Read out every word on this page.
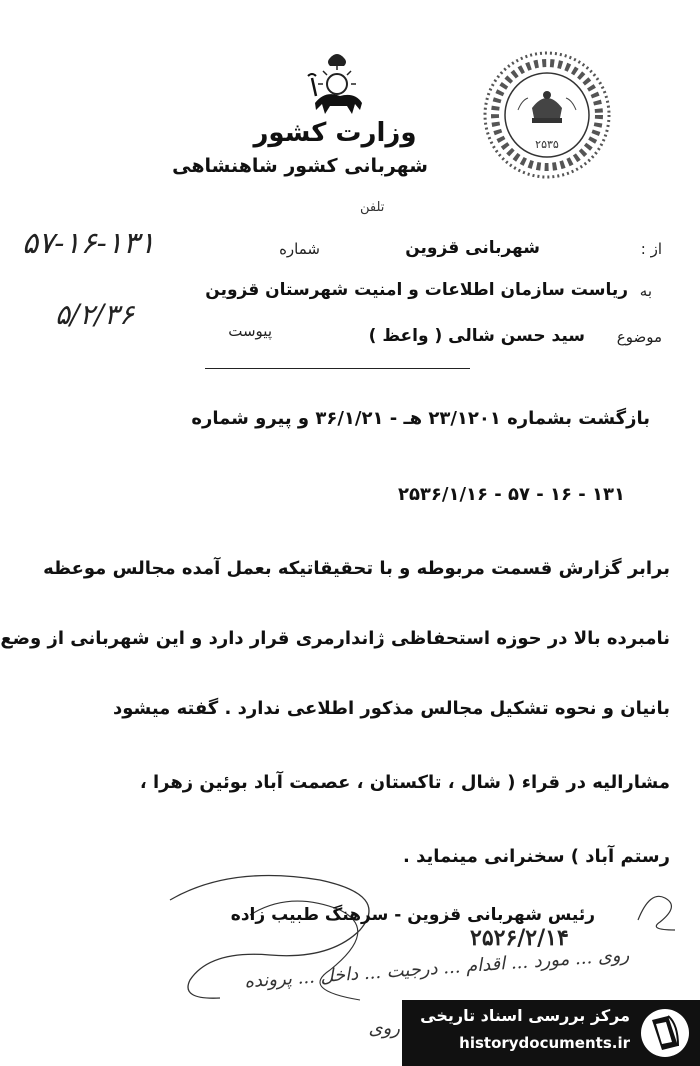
وزارت کشور
شهربانی کشور شاهنشاهی
تلفن
۲۵۳۵
از :
شهربانی قزوین
شماره
۵۷-۱۶-۱۳۱
به
ریاست سازمان اطلاعات و امنیت شهرستان قزوین
۵/۲/۳۶	پیوست	موضوع
سید حسن شالی ( واعظ )
بازگشت بشماره ۲۳/۱۲۰۱ هـ - ۳۶/۱/۲۱ و پیرو شماره
۱۳۱ - ۱۶ - ۵۷ - ۲۵۳۶/۱/۱۶
برابر گزارش قسمت مربوطه و با تحقیقاتیکه بعمل آمده مجالس موعظه
نامبرده بالا در حوزه استحفاظی ژاندارمری قرار دارد و این شهربانی از وضع
بانیان و نحوه تشکیل مجالس مذکور اطلاعی ندارد . گفته میشود
مشارالیه در قراء ( شال ، تاکستان ، عصمت آباد بوئین زهرا ،
رستم آباد ) سخنرانی مینماید .
رئیس شهربانی قزوین - سرهنگ طبیب زاده
۲۵۲۶/۲/۱۴
روی ... مورد ... اقدام ... درجیت ... داخل ... پرونده
روی
مرکز بررسی اسناد تاریخی
historydocuments.ir
